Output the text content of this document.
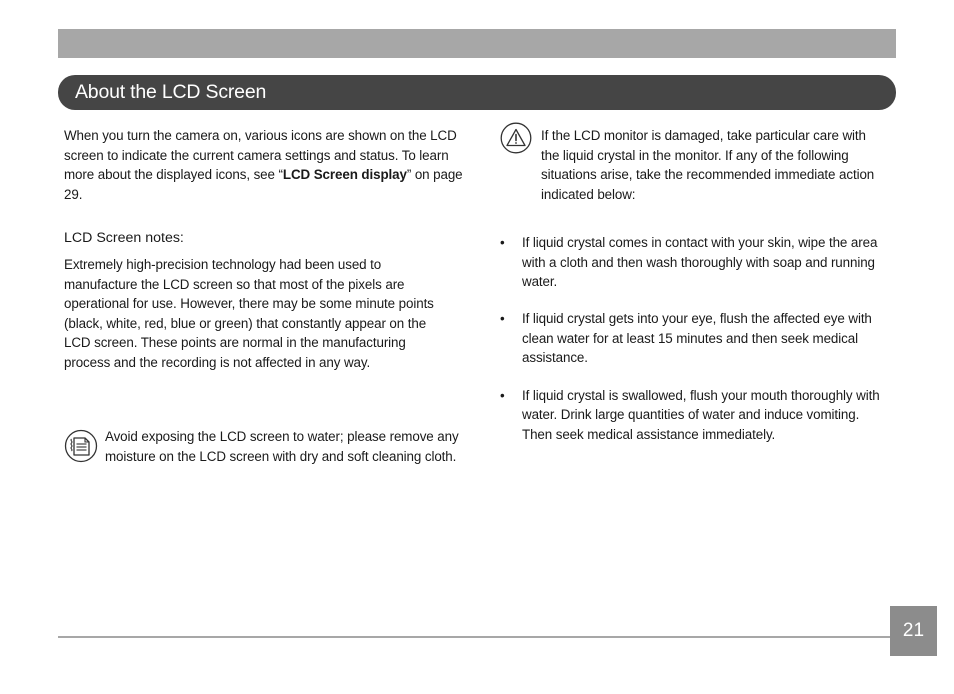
About the LCD Screen

When you turn the camera on, various icons are shown on the LCD screen to indicate the current camera settings and status. To learn more about the displayed icons, see “LCD Screen display” on page 29.

LCD Screen notes:

Extremely high-precision technology had been used to manufacture the LCD screen so that most of the pixels are operational for use. However, there may be some minute points (black, white, red, blue or green) that constantly appear on the LCD screen. These points are normal in the manufacturing process and the recording is not affected in any way.

Avoid exposing the LCD screen to water; please remove any moisture on the LCD screen with dry and soft cleaning cloth.

If the LCD monitor is damaged, take particular care with the liquid crystal in the monitor. If any of the following situations arise, take the recommended immediate action indicated below:

• If liquid crystal comes in contact with your skin, wipe the area with a cloth and then wash thoroughly with soap and running water.
• If liquid crystal gets into your eye, flush the affected eye with clean water for at least 15 minutes and then seek medical assistance.
• If liquid crystal is swallowed, flush your mouth thoroughly with water. Drink large quantities of water and induce vomiting. Then seek medical assistance immediately.
21
